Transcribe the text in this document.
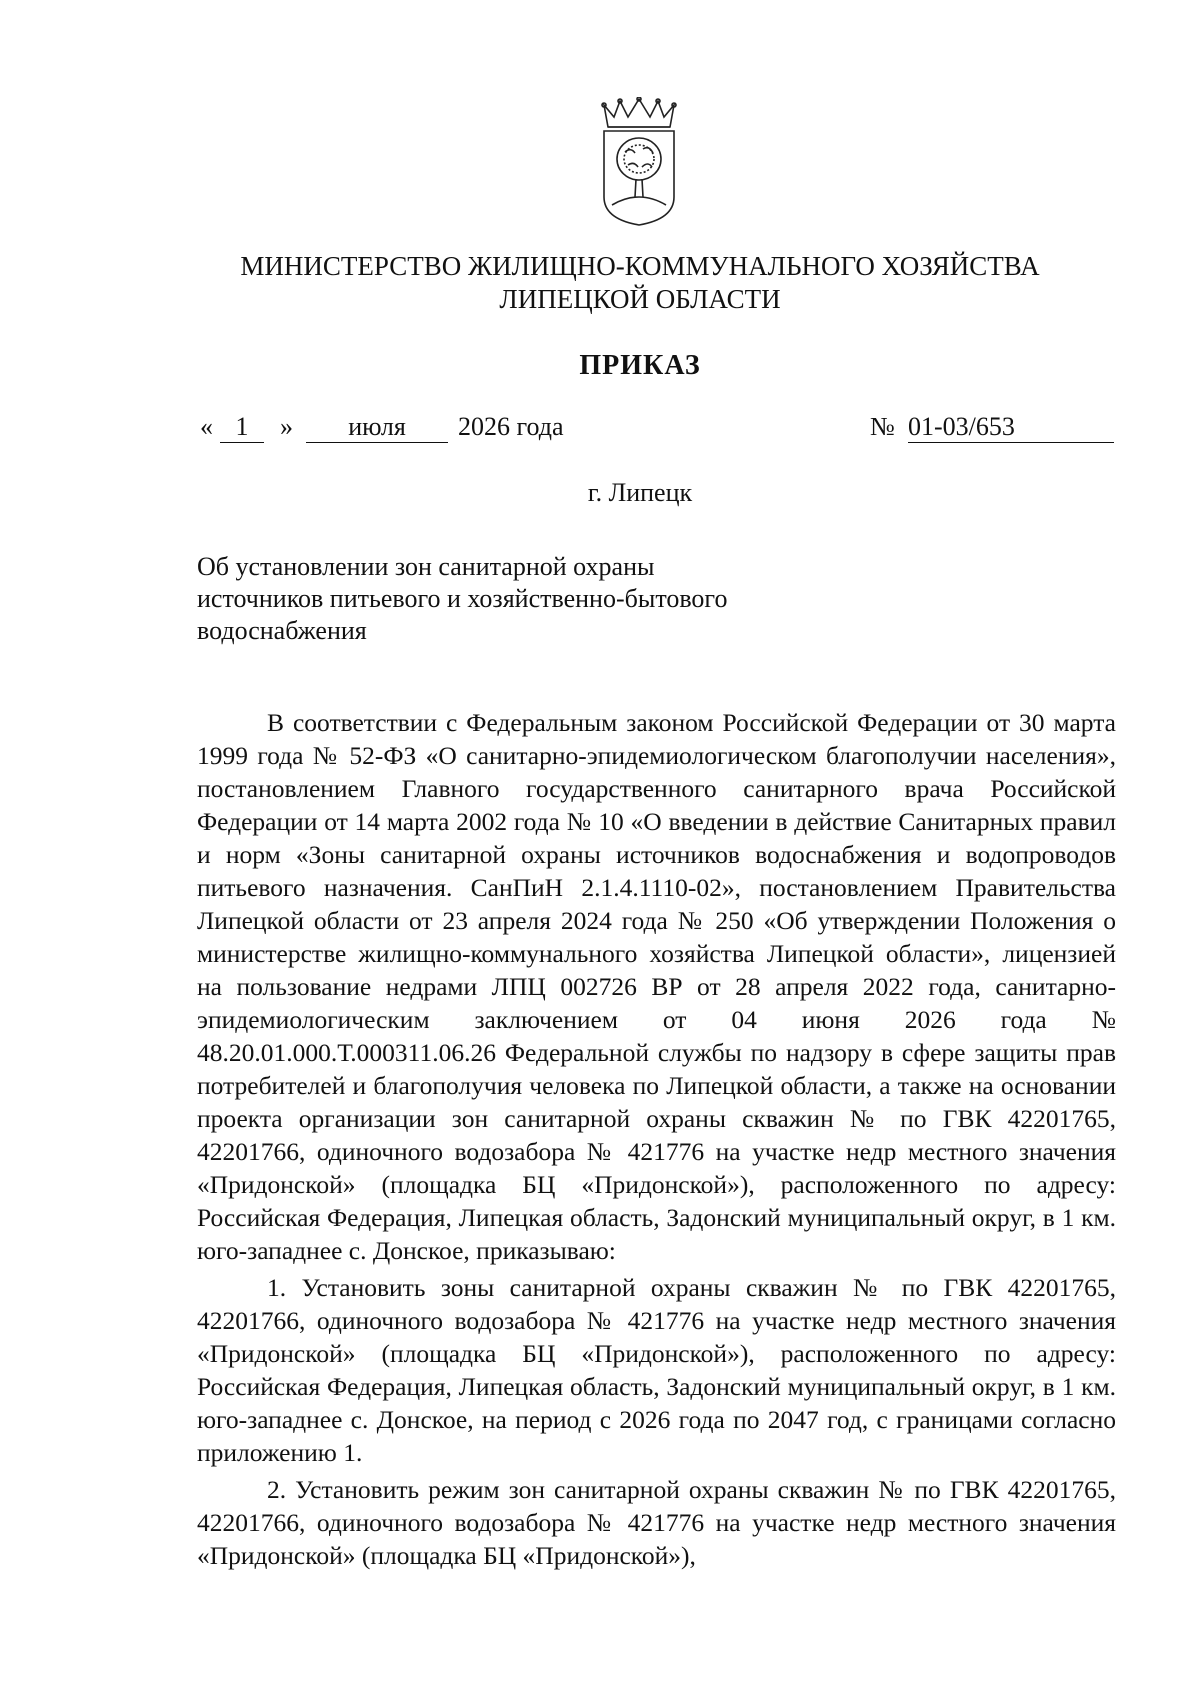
МИНИСТЕРСТВО ЖИЛИЩНО-КОММУНАЛЬНОГО ХОЗЯЙСТВА
ЛИПЕЦКОЙ ОБЛАСТИ
ПРИКАЗ
« 1	»	июля	2026 года	№ 01-03/653
г. Липецк
Об установлении зон санитарной охраны
источников питьевого и хозяйственно-бытового
водоснабжения

В соответствии с Федеральным законом Российской Федерации от 30 марта 1999 года № 52-ФЗ «О санитарно-эпидемиологическом благополучии населения», постановлением Главного государственного санитарного врача Российской Федерации от 14 марта 2002 года № 10 «О введении в действие Санитарных правил и норм «Зоны санитарной охраны источников водоснабжения и водопроводов питьевого назначения. СанПиН 2.1.4.1110-02», постановлением Правительства Липецкой области от 23 апреля 2024 года № 250 «Об утверждении Положения о министерстве жилищно-коммунального хозяйства Липецкой области», лицензией на пользование недрами ЛПЦ 002726 ВР от 28 апреля 2022 года, санитарно-эпидемиологическим заключением от 04 июня 2026 года № 48.20.01.000.Т.000311.06.26 Федеральной службы по надзору в сфере защиты прав потребителей и благополучия человека по Липецкой области, а также на основании проекта организации зон санитарной охраны скважин № по ГВК 42201765, 42201766, одиночного водозабора № 421776 на участке недр местного значения «Придонской» (площадка БЦ «Придонской»), расположенного по адресу: Российская Федерация, Липецкая область, Задонский муниципальный округ, в 1 км. юго-западнее с. Донское, приказываю:

1. Установить зоны санитарной охраны скважин № по ГВК 42201765, 42201766, одиночного водозабора № 421776 на участке недр местного значения «Придонской» (площадка БЦ «Придонской»), расположенного по адресу: Российская Федерация, Липецкая область, Задонский муниципальный округ, в 1 км. юго-западнее с. Донское, на период с 2026 года по 2047 год, с границами согласно приложению 1.

2. Установить режим зон санитарной охраны скважин № по ГВК 42201765, 42201766, одиночного водозабора № 421776 на участке недр местного значения «Придонской» (площадка БЦ «Придонской»),
